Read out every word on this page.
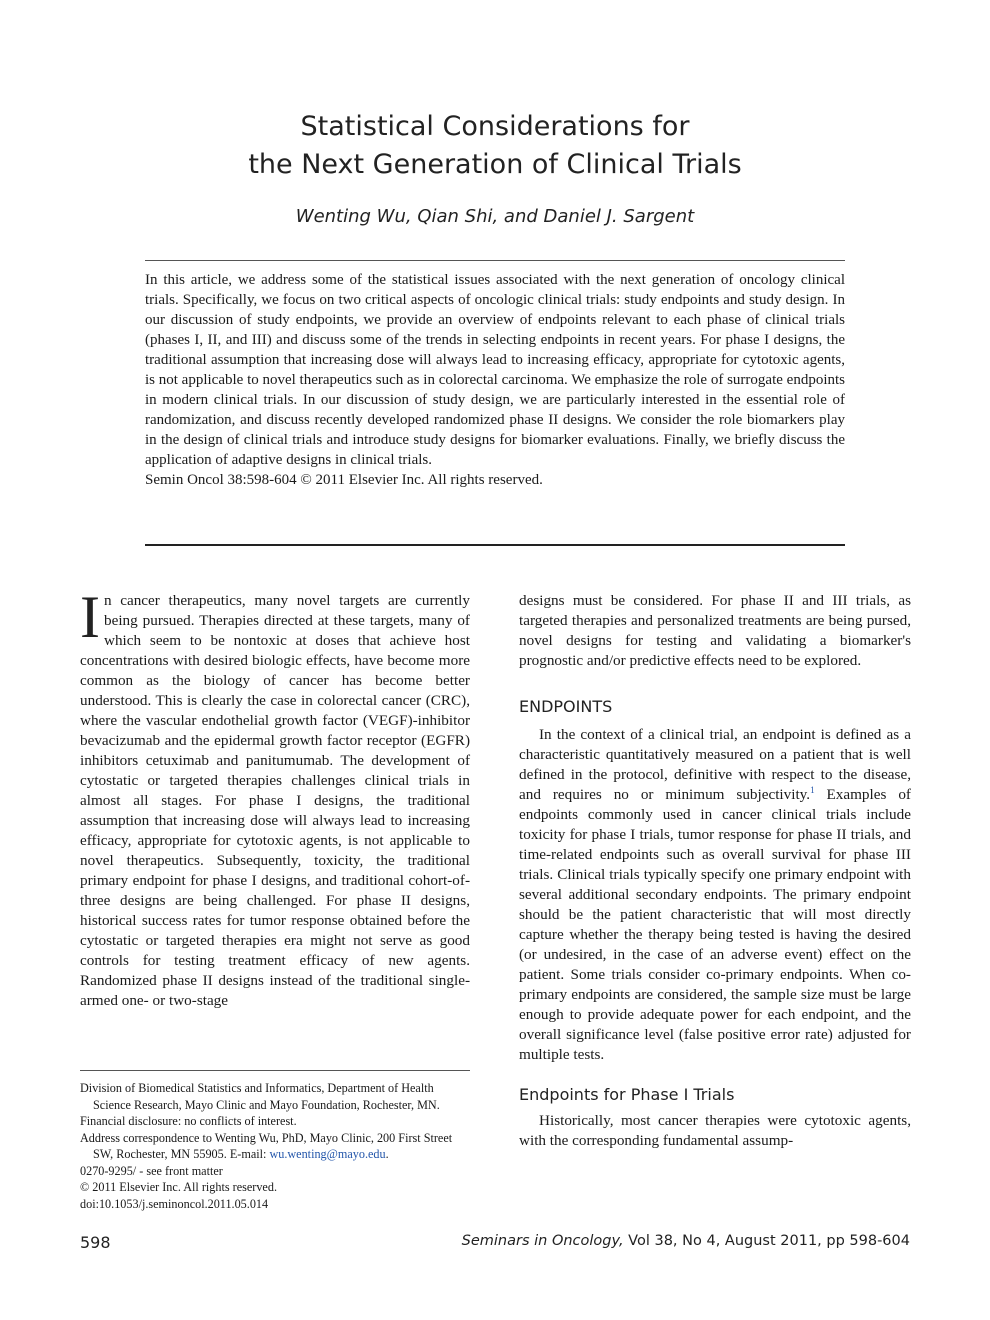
Statistical Considerations for
the Next Generation of Clinical Trials
Wenting Wu, Qian Shi, and Daniel J. Sargent

In this article, we address some of the statistical issues associated with the next generation of oncology clinical trials. Specifically, we focus on two critical aspects of oncologic clinical trials: study endpoints and study design. In our discussion of study endpoints, we provide an overview of endpoints relevant to each phase of clinical trials (phases I, II, and III) and discuss some of the trends in selecting endpoints in recent years. For phase I designs, the traditional assumption that increasing dose will always lead to increasing efficacy, appropriate for cytotoxic agents, is not applicable to novel therapeutics such as in colorectal carcinoma. We emphasize the role of surrogate endpoints in modern clinical trials. In our discussion of study design, we are particularly interested in the essential role of randomization, and discuss recently developed randomized phase II designs. We consider the role biomarkers play in the design of clinical trials and introduce study designs for biomarker evaluations. Finally, we briefly discuss the application of adaptive designs in clinical trials.

Semin Oncol 38:598-604 © 2011 Elsevier Inc. All rights reserved.

In cancer therapeutics, many novel targets are currently being pursued. Therapies directed at these targets, many of which seem to be nontoxic at doses that achieve host concentrations with desired biologic effects, have become more common as the biology of cancer has become better understood. This is clearly the case in colorectal cancer (CRC), where the vascular endothelial growth factor (VEGF)-inhibitor bevacizumab and the epidermal growth factor receptor (EGFR) inhibitors cetuximab and panitumumab. The development of cytostatic or targeted therapies challenges clinical trials in almost all stages. For phase I designs, the traditional assumption that increasing dose will always lead to increasing efficacy, appropriate for cytotoxic agents, is not applicable to novel therapeutics. Subsequently, toxicity, the traditional primary endpoint for phase I designs, and traditional cohort-of-three designs are being challenged. For phase II designs, historical success rates for tumor response obtained before the cytostatic or targeted therapies era might not serve as good controls for testing treatment efficacy of new agents. Randomized phase II designs instead of the traditional single-armed one- or two-stage

designs must be considered. For phase II and III trials, as targeted therapies and personalized treatments are being pursed, novel designs for testing and validating a biomarker's prognostic and/or predictive effects need to be explored.

ENDPOINTS

In the context of a clinical trial, an endpoint is defined as a characteristic quantitatively measured on a patient that is well defined in the protocol, definitive with respect to the disease, and requires no or minimum subjectivity.$^1$ Examples of endpoints commonly used in cancer clinical trials include toxicity for phase I trials, tumor response for phase II trials, and time-related endpoints such as overall survival for phase III trials. Clinical trials typically specify one primary endpoint with several additional secondary endpoints. The primary endpoint should be the patient characteristic that will most directly capture whether the therapy being tested is having the desired (or undesired, in the case of an adverse event) effect on the patient. Some trials consider co-primary endpoints. When co-primary endpoints are considered, the sample size must be large enough to provide adequate power for each endpoint, and the overall significance level (false positive error rate) adjusted for multiple tests.

Endpoints for Phase I Trials

Historically, most cancer therapies were cytotoxic agents, with the corresponding fundamental assump-

Division of Biomedical Statistics and Informatics, Department of Health Science Research, Mayo Clinic and Mayo Foundation, Rochester, MN.
Financial disclosure: no conflicts of interest.
Address correspondence to Wenting Wu, PhD, Mayo Clinic, 200 First Street SW, Rochester, MN 55905. E-mail: wu.wenting@mayo.edu.
0270-9295/ - see front matter
© 2011 Elsevier Inc. All rights reserved.
doi:10.1053/j.seminoncol.2011.05.014
598	Seminars in Oncology, Vol 38, No 4, August 2011, pp 598-604
